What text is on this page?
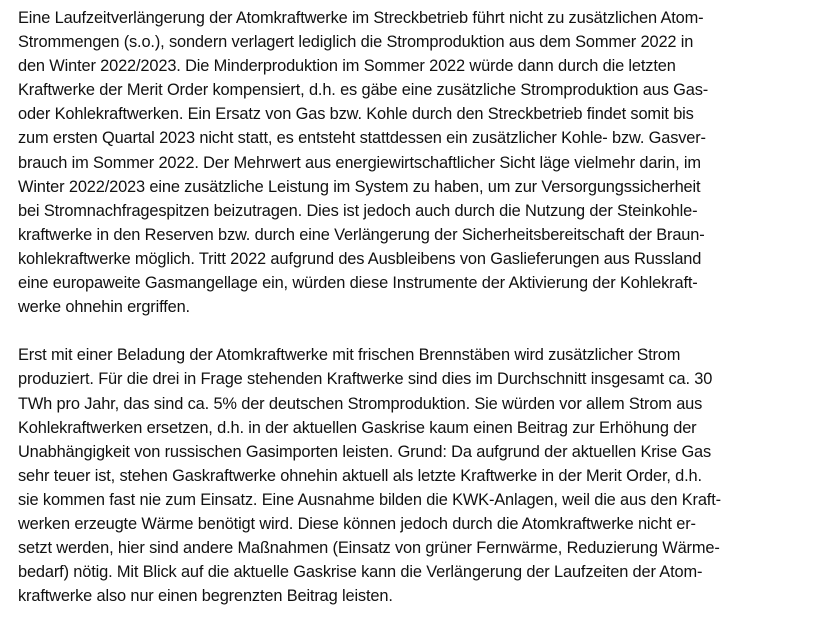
Eine Laufzeitverlängerung der Atomkraftwerke im Streckbetrieb führt nicht zu zusätzlichen Atom-
Strommengen (s.o.), sondern verlagert lediglich die Stromproduktion aus dem Sommer 2022 in
den Winter 2022/2023. Die Minderproduktion im Sommer 2022 würde dann durch die letzten
Kraftwerke der Merit Order kompensiert, d.h. es gäbe eine zusätzliche Stromproduktion aus Gas-
oder Kohlekraftwerken. Ein Ersatz von Gas bzw. Kohle durch den Streckbetrieb findet somit bis
zum ersten Quartal 2023 nicht statt, es entsteht stattdessen ein zusätzlicher Kohle- bzw. Gasver-
brauch im Sommer 2022. Der Mehrwert aus energiewirtschaftlicher Sicht läge vielmehr darin, im
Winter 2022/2023 eine zusätzliche Leistung im System zu haben, um zur Versorgungssicherheit
bei Stromnachfragespitzen beizutragen. Dies ist jedoch auch durch die Nutzung der Steinkohle-
kraftwerke in den Reserven bzw. durch eine Verlängerung der Sicherheitsbereitschaft der Braun-
kohlekraftwerke möglich. Tritt 2022 aufgrund des Ausbleibens von Gaslieferungen aus Russland
eine europaweite Gasmangellage ein, würden diese Instrumente der Aktivierung der Kohlekraft-
werke ohnehin ergriffen.

Erst mit einer Beladung der Atomkraftwerke mit frischen Brennstäben wird zusätzlicher Strom
produziert. Für die drei in Frage stehenden Kraftwerke sind dies im Durchschnitt insgesamt ca. 30
TWh pro Jahr, das sind ca. 5% der deutschen Stromproduktion. Sie würden vor allem Strom aus
Kohlekraftwerken ersetzen, d.h. in der aktuellen Gaskrise kaum einen Beitrag zur Erhöhung der
Unabhängigkeit von russischen Gasimporten leisten. Grund: Da aufgrund der aktuellen Krise Gas
sehr teuer ist, stehen Gaskraftwerke ohnehin aktuell als letzte Kraftwerke in der Merit Order, d.h.
sie kommen fast nie zum Einsatz. Eine Ausnahme bilden die KWK-Anlagen, weil die aus den Kraft-
werken erzeugte Wärme benötigt wird. Diese können jedoch durch die Atomkraftwerke nicht er-
setzt werden, hier sind andere Maßnahmen (Einsatz von grüner Fernwärme, Reduzierung Wärme-
bedarf) nötig. Mit Blick auf die aktuelle Gaskrise kann die Verlängerung der Laufzeiten der Atom-
kraftwerke also nur einen begrenzten Beitrag leisten.
